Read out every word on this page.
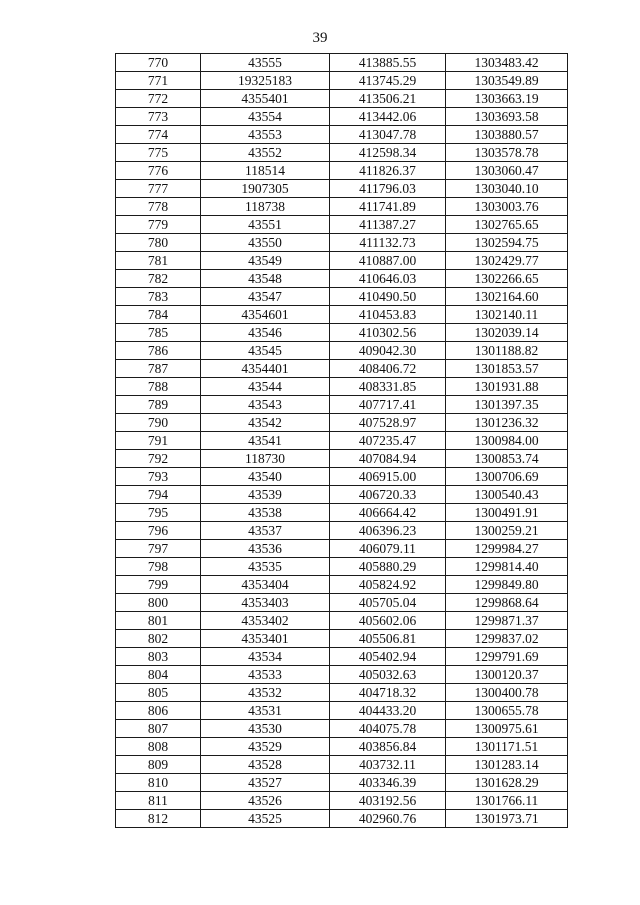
39
770	43555	413885.55	1303483.42
771	19325183	413745.29	1303549.89
772	4355401	413506.21	1303663.19
773	43554	413442.06	1303693.58
774	43553	413047.78	1303880.57
775	43552	412598.34	1303578.78
776	118514	411826.37	1303060.47
777	1907305	411796.03	1303040.10
778	118738	411741.89	1303003.76
779	43551	411387.27	1302765.65
780	43550	411132.73	1302594.75
781	43549	410887.00	1302429.77
782	43548	410646.03	1302266.65
783	43547	410490.50	1302164.60
784	4354601	410453.83	1302140.11
785	43546	410302.56	1302039.14
786	43545	409042.30	1301188.82
787	4354401	408406.72	1301853.57
788	43544	408331.85	1301931.88
789	43543	407717.41	1301397.35
790	43542	407528.97	1301236.32
791	43541	407235.47	1300984.00
792	118730	407084.94	1300853.74
793	43540	406915.00	1300706.69
794	43539	406720.33	1300540.43
795	43538	406664.42	1300491.91
796	43537	406396.23	1300259.21
797	43536	406079.11	1299984.27
798	43535	405880.29	1299814.40
799	4353404	405824.92	1299849.80
800	4353403	405705.04	1299868.64
801	4353402	405602.06	1299871.37
802	4353401	405506.81	1299837.02
803	43534	405402.94	1299791.69
804	43533	405032.63	1300120.37
805	43532	404718.32	1300400.78
806	43531	404433.20	1300655.78
807	43530	404075.78	1300975.61
808	43529	403856.84	1301171.51
809	43528	403732.11	1301283.14
810	43527	403346.39	1301628.29
811	43526	403192.56	1301766.11
812	43525	402960.76	1301973.71
